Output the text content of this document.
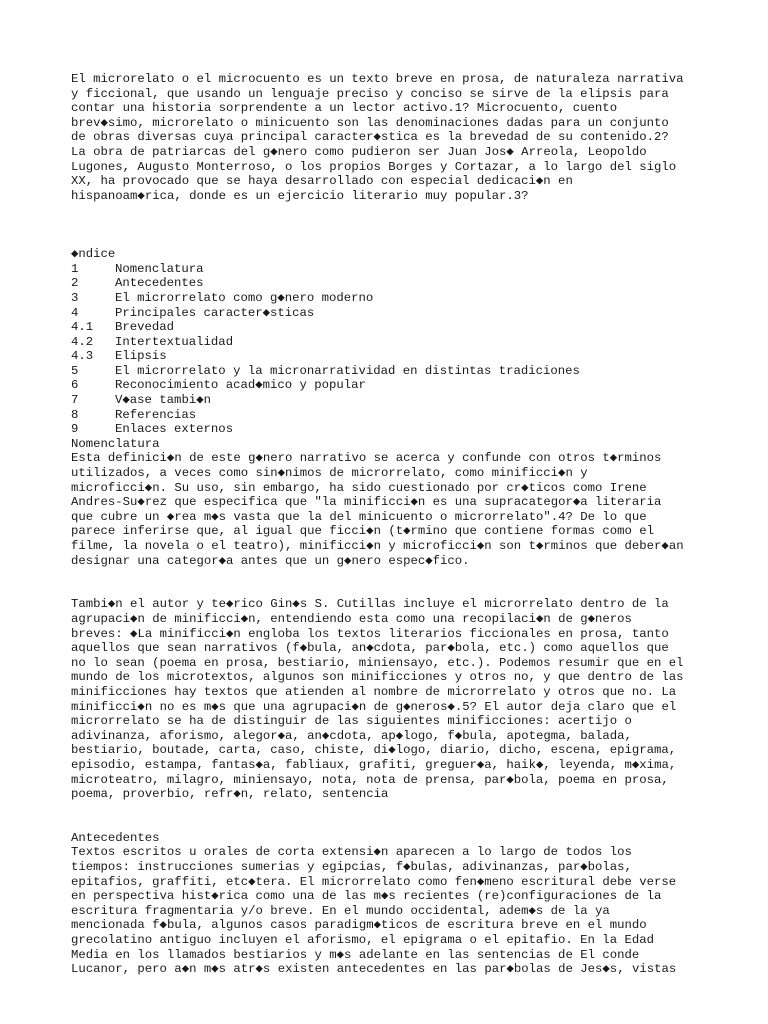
El microrelato o el microcuento es un texto breve en prosa, de naturaleza narrativa
y ficcional, que usando un lenguaje preciso y conciso se sirve de la elipsis para
contar una historia sorprendente a un lector activo.1? Microcuento, cuento
brev◆simo, microrelato o minicuento son las denominaciones dadas para un conjunto
de obras diversas cuya principal caracter◆stica es la brevedad de su contenido.2?
La obra de patriarcas del g◆nero como pudieron ser Juan Jos◆ Arreola, Leopoldo
Lugones, Augusto Monterroso, o los propios Borges y Cortazar, a lo largo del siglo
XX, ha provocado que se haya desarrollado con especial dedicaci◆n en
hispanoam◆rica, donde es un ejercicio literario muy popular.3?
◆ndice
1	Nomenclatura
2	Antecedentes
3	El microrrelato como g◆nero moderno
4	Principales caracter◆sticas
4.1	Brevedad
4.2	Intertextualidad
4.3	Elipsis
5	El microrrelato y la micronarratividad en distintas tradiciones
6	Reconocimiento acad◆mico y popular
7	V◆ase tambi◆n
8	Referencias
9	Enlaces externos
Nomenclatura
Esta definici◆n de este g◆nero narrativo se acerca y confunde con otros t◆rminos
utilizados, a veces como sin◆nimos de microrrelato, como minificci◆n y
microficci◆n. Su uso, sin embargo, ha sido cuestionado por cr◆ticos como Irene
Andres-Su◆rez que especifica que "la minificci◆n es una supracategor◆a literaria
que cubre un ◆rea m◆s vasta que la del minicuento o microrrelato".4? De lo que
parece inferirse que, al igual que ficci◆n (t◆rmino que contiene formas como el
filme, la novela o el teatro), minificci◆n y microficci◆n son t◆rminos que deber◆an
designar una categor◆a antes que un g◆nero espec◆fico.
Tambi◆n el autor y te◆rico Gin◆s S. Cutillas incluye el microrrelato dentro de la
agrupaci◆n de minificci◆n, entendiendo esta como una recopilaci◆n de g◆neros
breves: ◆La minificci◆n engloba los textos literarios ficcionales en prosa, tanto
aquellos que sean narrativos (f◆bula, an◆cdota, par◆bola, etc.) como aquellos que
no lo sean (poema en prosa, bestiario, miniensayo, etc.). Podemos resumir que en el
mundo de los microtextos, algunos son minificciones y otros no, y que dentro de las
minificciones hay textos que atienden al nombre de microrrelato y otros que no. La
minificci◆n no es m◆s que una agrupaci◆n de g◆neros◆.5? El autor deja claro que el
microrrelato se ha de distinguir de las siguientes minificciones: acertijo o
adivinanza, aforismo, alegor◆a, an◆cdota, ap◆logo, f◆bula, apotegma, balada,
bestiario, boutade, carta, caso, chiste, di◆logo, diario, dicho, escena, epigrama,
episodio, estampa, fantas◆a, fabliaux, grafiti, greguer◆a, haik◆, leyenda, m◆xima,
microteatro, milagro, miniensayo, nota, nota de prensa, par◆bola, poema en prosa,
poema, proverbio, refr◆n, relato, sentencia
Antecedentes
Textos escritos u orales de corta extensi◆n aparecen a lo largo de todos los
tiempos: instrucciones sumerias y egipcias, f◆bulas, adivinanzas, par◆bolas,
epitafios, graffiti, etc◆tera. El microrrelato como fen◆meno escritural debe verse
en perspectiva hist◆rica como una de las m◆s recientes (re)configuraciones de la
escritura fragmentaria y/o breve. En el mundo occidental, adem◆s de la ya
mencionada f◆bula, algunos casos paradigm◆ticos de escritura breve en el mundo
grecolatino antiguo incluyen el aforismo, el epigrama o el epitafio. En la Edad
Media en los llamados bestiarios y m◆s adelante en las sentencias de El conde
Lucanor, pero a◆n m◆s atr◆s existen antecedentes en las par◆bolas de Jes◆s, vistas
